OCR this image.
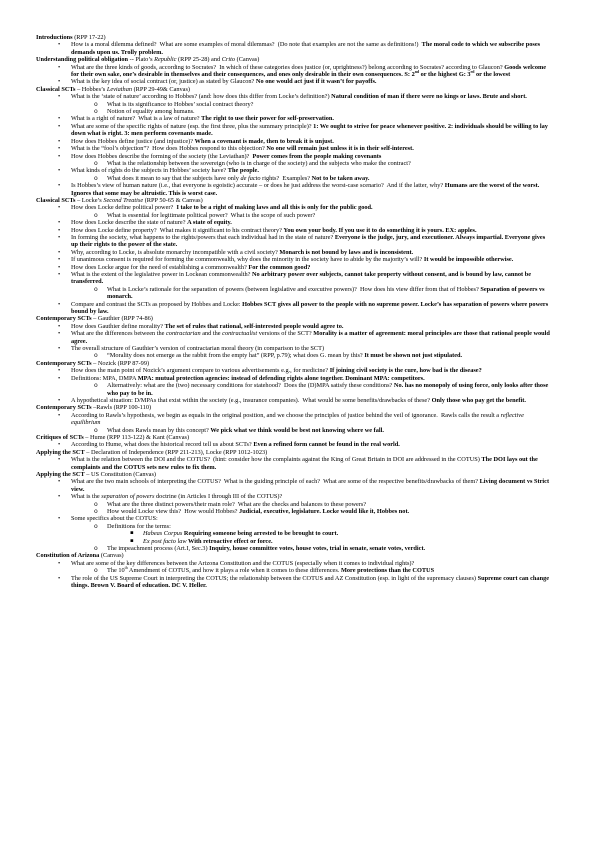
Introductions (RPP 17-22)
• How is a moral dilemma defined?  What are some examples of moral dilemmas?  (Do note that examples are not the same as definitions!)  The moral code to which we subscribe poses demands upon us. Trolly problem.
Understanding political obligation -- Plato’s Republic (RPP 25-28) and Crito (Canvas)
• What are the three kinds of goods, according to Socrates?  In which of these categories does justice (or, uprightness?) belong according to Socrates? according to Glaucon? Goods welcome for their own sake, one’s desirable in themselves and their consequences, and ones only desirable in their own consequences. S: 2nd or the highest G: 3rd or the lowest
• What is the key idea of social contract (or, justice) as stated by Glaucon? No one would act just if it wasn’t for payoffs.
Classical SCTs – Hobbes’s Leviathan (RPP 29-49& Canvas)
• What is the ‘state of nature’ according to Hobbes? (and: how does this differ from Locke’s definition?) Natural condition of man if there were no kings or laws. Brute and short.
o What is its significance to Hobbes’ social contract theory?
o Notion of equality among humans.
• What is a right of nature?  What is a law of nature? The right to use their power for self-preservation.
• What are some of the specific rights of nature (esp. the first three, plus the summary principle)? 1: We ought to strive for peace whenever positive. 2: individuals should be willing to lay down what is right. 3: men perform covenants made.
• How does Hobbes define justice (and injustice)? When a covenant is made, then to break it is unjust.
• What is the “fool’s objection”?  How does Hobbes respond to this objection? No one will remain just unless it is in their self-interest.
• How does Hobbes describe the forming of the society (the Leviathan)?  Power comes from the people making covenants
o What is the relationship between the sovereign (who is in charge of the society) and the subjects who make the contract?
• What kinds of rights do the subjects in Hobbes’ society have? The people.
o What does it mean to say that the subjects have only de facto rights?  Examples? Not to be taken away.
• Is Hobbes’s view of human nature (i.e., that everyone is egoistic) accurate – or does he just address the worst-case scenario?  And if the latter, why? Humans are the worst of the worst. Ignores that some may be altruistic. This is worst case.
Classical SCTs – Locke’s Second Treatise (RPP 50-65 & Canvas)
• How does Locke define political power?  I take to be a right of making laws and all this is only for the public good.
o What is essential for legitimate political power?  What is the scope of such power?
• How does Locke describe the state of nature? A state of equity.
• How does Locke define property?  What makes it significant to his contract theory? You own your body. If you use it to do something it is yours. EX: apples.
• In forming the society, what happens to the rights/powers that each individual had in the state of nature? Everyone is the judge, jury, and executioner. Always impartial. Everyone gives up their rights to the power of the state.
• Why, according to Locke, is absolute monarchy incompatible with a civil society? Monarch is not bound by laws and is inconsistent.
• If unanimous consent is required for forming the commonwealth, why does the minority in the society have to abide by the majority’s will? It would be impossible otherwise.
• How does Locke argue for the need of establishing a commonwealth? For the common good?
• What is the extent of the legislative power in Lockean commonwealth? No arbitrary power over subjects, cannot take property without consent, and is bound by law, cannot be transferred.
o What is Locke’s rationale for the separation of powers (between legislative and executive powers)?  How does his view differ from that of Hobbes? Separation of powers vs monarch.
• Compare and contrast the SCTs as proposed by Hobbes and Locke: Hobbes SCT gives all power to the people with no supreme power. Locke’s has separation of powers where powers bound by law.
Contemporary SCTs – Gauthier (RPP 74-86)
• How does Gauthier define morality? The set of rules that rational, self-interested people would agree to.
• What are the differences between the contractarian and the contractualist versions of the SCT? Morality is a matter of agreement: moral principles are those that rational people would agree.
• The overall structure of Gauthier’s version of contractarian moral theory (in comparison to the SCT)
o “Morality does not emerge as the rabbit from the empty hat” (RPP, p.79); what does G. mean by this? It must be shown not just stipulated.
Contemporary SCTs – Nozick (RPP 87-99)
• How does the main point of Nozick’s argument compare to various advertisements e.g., for medicine? If joining civil society is the cure, how bad is the disease?
• Definitions: MPA, DMPA MPA: mutual protection agencies: instead of defending rights alone together. Dominant MPA: competitors.
o Alternatively: what are the (two) necessary conditions for statehood?  Does the (D)MPA satisfy these conditions? No. has no monopoly of using force, only looks after those who pay to be in.
• A hypothetical situation: D/MPAs that exist within the society (e.g., insurance companies).  What would be some benefits/drawbacks of these? Only those who pay get the benefit.
Contemporary SCTs –Rawls (RPP 100-110)
• According to Rawls’s hypothesis, we begin as equals in the original position, and we choose the principles of justice behind the veil of ignorance.  Rawls calls the result a reflective equilibrium
o What does Rawls mean by this concept? We pick what we think would be best not knowing where we fall.
Critiques of SCTs – Hume (RPP 113-122) & Kant (Canvas)
• According to Hume, what does the historical record tell us about SCTs? Even a refined form cannot be found in the real world.
Applying the SCT – Declaration of Independence (RPP 211-213), Locke (RPP 1012-1023)
• What is the relation between the DOI and the COTUS?  (hint: consider how the complaints against the King of Great Britain in DOI are addressed in the COTUS) The DOI lays out the complaints and the COTUS sets new rules to fix them.
Applying the SCT – US Constitution (Canvas)
• What are the two main schools of interpreting the COTUS?  What is the guiding principle of each?  What are some of the respective benefits/drawbacks of them? Living document vs Strict view.
• What is the separation of powers doctrine (in Articles I through III of the COTUS)?
o What are the three distinct powers/their main role?  What are the checks and balances to these powers?
o How would Locke view this?  How would Hobbes? Judicial, executive, legislature. Locke would like it, Hobbes not.
• Some specifics about the COTUS:
o Definitions for the terms:
▪ Habeas Corpus Requiring someone being arrested to be brought to court.
▪ Ex post facto law With retroactive effect or force.
o The impeachment process (Art.I, Sec.3) Inquiry, house committee votes, house votes, trial in senate, senate votes, verdict.
Constitution of Arizona (Canvas)
• What are some of the key differences between the Arizona Constitution and the COTUS (especially when it comes to individual rights)?
o The 10th Amendment of COTUS, and how it plays a role when it comes to these differences. More protections than the COTUS
• The role of the US Supreme Court in interpreting the COTUS; the relationship between the COTUS and AZ Constitution (esp. in light of the supremacy clauses) Supreme court can change things. Brown V. Board of education. DC V. Heller.
